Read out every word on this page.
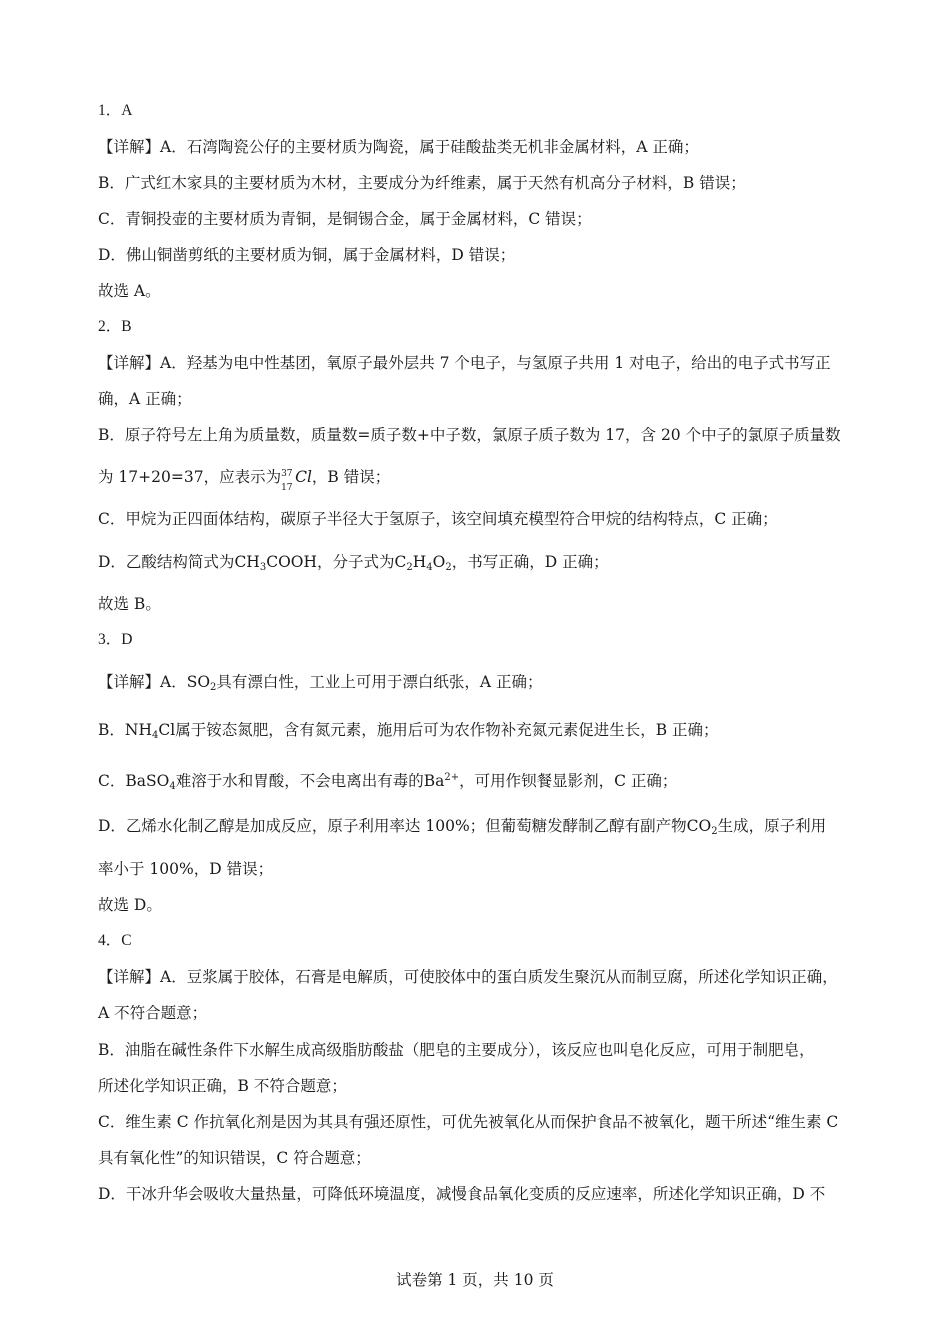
1．A
【详解】A．石湾陶瓷公仔的主要材质为陶瓷，属于硅酸盐类无机非金属材料，A 正确；
B．广式红木家具的主要材质为木材，主要成分为纤维素，属于天然有机高分子材料，B 错误；
C．青铜投壶的主要材质为青铜，是铜锡合金，属于金属材料，C 错误；
D．佛山铜凿剪纸的主要材质为铜，属于金属材料，D 错误；
故选 A。
2．B
【详解】A．羟基为电中性基团，氧原子最外层共 7 个电子，与氢原子共用 1 对电子，给出的电子式书写正
确，A 正确；
B．原子符号左上角为质量数，质量数=质子数+中子数，氯原子质子数为 17，含 20 个中子的氯原子质量数
为 17+20=37，应表示为 37
17
Cl，B 错误；
C．甲烷为正四面体结构，碳原子半径大于氢原子，该空间填充模型符合甲烷的结构特点，C 正确；
D．乙酸结构简式为$CH_3COOH$，分子式为$C_2H_4O_2$，书写正确，D 正确；
故选 B。
3．D
【详解】A．$SO_2$具有漂白性，工业上可用于漂白纸张，A 正确；
B．$NH_4Cl$属于铵态氮肥，含有氮元素，施用后可为农作物补充氮元素促进生长，B 正确；
C．BaSO$_4$难溶于水和胃酸，不会电离出有毒的$Ba^{2+}$，可用作钡餐显影剂，C 正确；
D．乙烯水化制乙醇是加成反应，原子利用率达 100%；但葡萄糖发酵制乙醇有副产物$CO_2$生成，原子利用
率小于 100%，D 错误；
故选 D。
4．C
【详解】A．豆浆属于胶体，石膏是电解质，可使胶体中的蛋白质发生聚沉从而制豆腐，所述化学知识正确，
A 不符合题意；
B．油脂在碱性条件下水解生成高级脂肪酸盐（肥皂的主要成分），该反应也叫皂化反应，可用于制肥皂，
所述化学知识正确，B 不符合题意；
C．维生素 C 作抗氧化剂是因为其具有强还原性，可优先被氧化从而保护食品不被氧化，题干所述“维生素 C
具有氧化性”的知识错误，C 符合题意；
D．干冰升华会吸收大量热量，可降低环境温度，减慢食品氧化变质的反应速率，所述化学知识正确，D 不
试卷第 1 页，共 10 页
